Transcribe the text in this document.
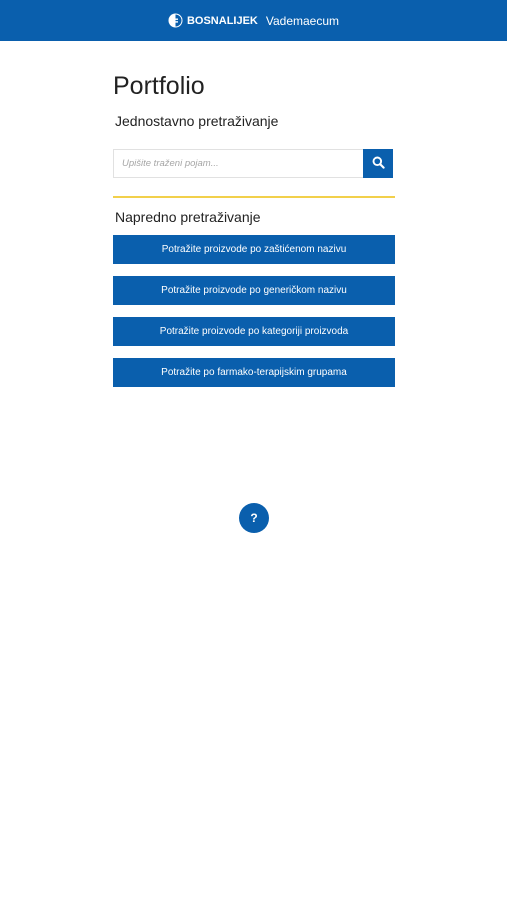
BOSNALIJEK Vademaecum
Portfolio
Jednostavno pretraživanje
Upišite traženi pojam...
Napredno pretraživanje
Potražite proizvode po zaštićenom nazivu
Potražite proizvode po generičkom nazivu
Potražite proizvode po kategoriji proizvoda
Potražite po farmako-terapijskim grupama
?
